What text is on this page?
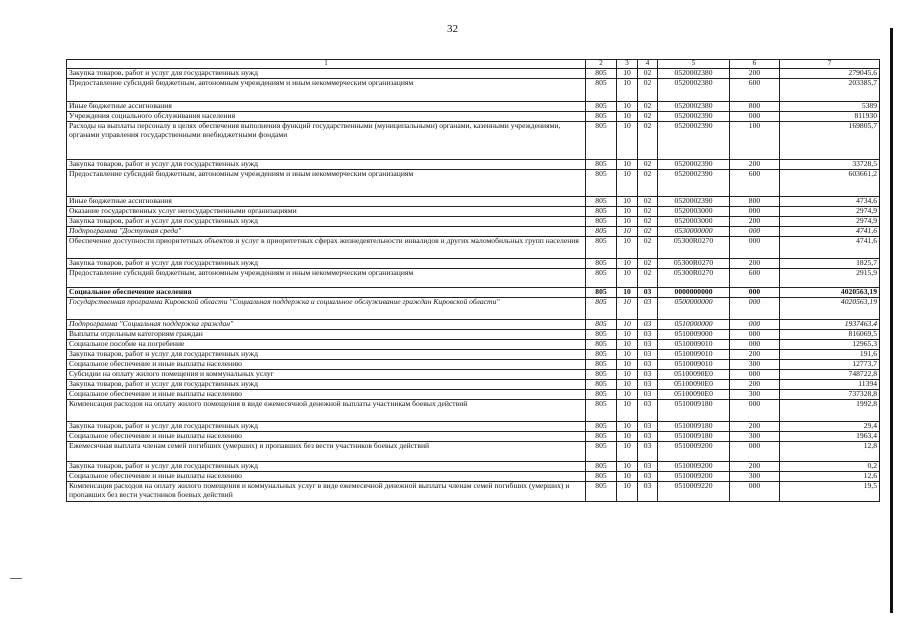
32
1	2	3	4	5	6	7
Закупка товаров, работ и услуг для государственных нужд	805	10	02	0520002380	200	279045,6
Предоставление субсидий бюджетным, автономным учреждениям и иным некоммерческим организациям	805	10	02	0520002380	600	203385,7
Иные бюджетные ассигнования	805	10	02	0520002380	800	5389
Учреждения социального обслуживания населения	805	10	02	0520002390	000	811930
Расходы на выплаты персоналу в целях обеспечения выполнения функций государственными (муниципальными) органами, казенными учреждениями, органами управления государственными внебюджетными фондами	805	10	02	0520002390	100	169805,7
Закупка товаров, работ и услуг для государственных нужд	805	10	02	0520002390	200	33728,5
Предоставление субсидий бюджетным, автономным учреждениям и иным некоммерческим организациям	805	10	02	0520002390	600	603661,2
Иные бюджетные ассигнования	805	10	02	0520002390	800	4734,6
Оказание государственных услуг негосударственными организациями	805	10	02	0520003000	000	2974,9
Закупка товаров, работ и услуг для государственных нужд	805	10	02	0520003000	200	2974,9
Подпрограмма "Доступная среда"	805	10	02	0530000000	000	4741,6
Обеспечение доступности приоритетных объектов и услуг в приоритетных сферах жизнедеятельности инвалидов и других маломобильных групп населения	805	10	02	05300R0270	000	4741,6
Закупка товаров, работ и услуг для государственных нужд	805	10	02	05300R0270	200	1825,7
Предоставление субсидий бюджетным, автономным учреждениям и иным некоммерческим организациям	805	10	02	05300R0270	600	2915,9
Социальное обеспечение населения	805	10	03	0000000000	000	4020563,19
Государственная программа Кировской области "Социальная поддержка и социальное обслуживание граждан Кировской области"	805	10	03	0500000000	000	4020563,19
Подпрограмма "Социальная поддержка граждан"	805	10	03	0510000000	000	1937463,4
Выплаты отдельным категориям граждан	805	10	03	0510009000	000	816069,5
Социальное пособие на погребение	805	10	03	0510009010	000	12965,3
Закупка товаров, работ и услуг для государственных нужд	805	10	03	0510009010	200	191,6
Социальное обеспечение и иные выплаты населению	805	10	03	0510009010	300	12773,7
Субсидии на оплату жилого помещения и коммунальных услуг	805	10	03	05100090E0	000	748722,8
Закупка товаров, работ и услуг для государственных нужд	805	10	03	05100090E0	200	11394
Социальное обеспечение и иные выплаты населению	805	10	03	05100090E0	300	737328,8
Компенсация расходов на оплату жилого помещения в виде ежемесячной денежной выплаты участникам боевых действий	805	10	03	0510009180	000	1992,8
Закупка товаров, работ и услуг для государственных нужд	805	10	03	0510009180	200	29,4
Социальное обеспечение и иные выплаты населению	805	10	03	0510009180	300	1963,4
Ежемесячная выплата членам семей погибших (умерших) и пропавших без вести участников боевых действий	805	10	03	0510009200	000	12,8
Закупка товаров, работ и услуг для государственных нужд	805	10	03	0510009200	200	0,2
Социальное обеспечение и иные выплаты населению	805	10	03	0510009200	300	12,6
Компенсация расходов на оплату жилого помещения и коммунальных услуг в виде ежемесячной денежной выплаты членам семей погибших (умерших) и пропавших без вести участников боевых действий	805	10	03	0510009220	000	19,5
